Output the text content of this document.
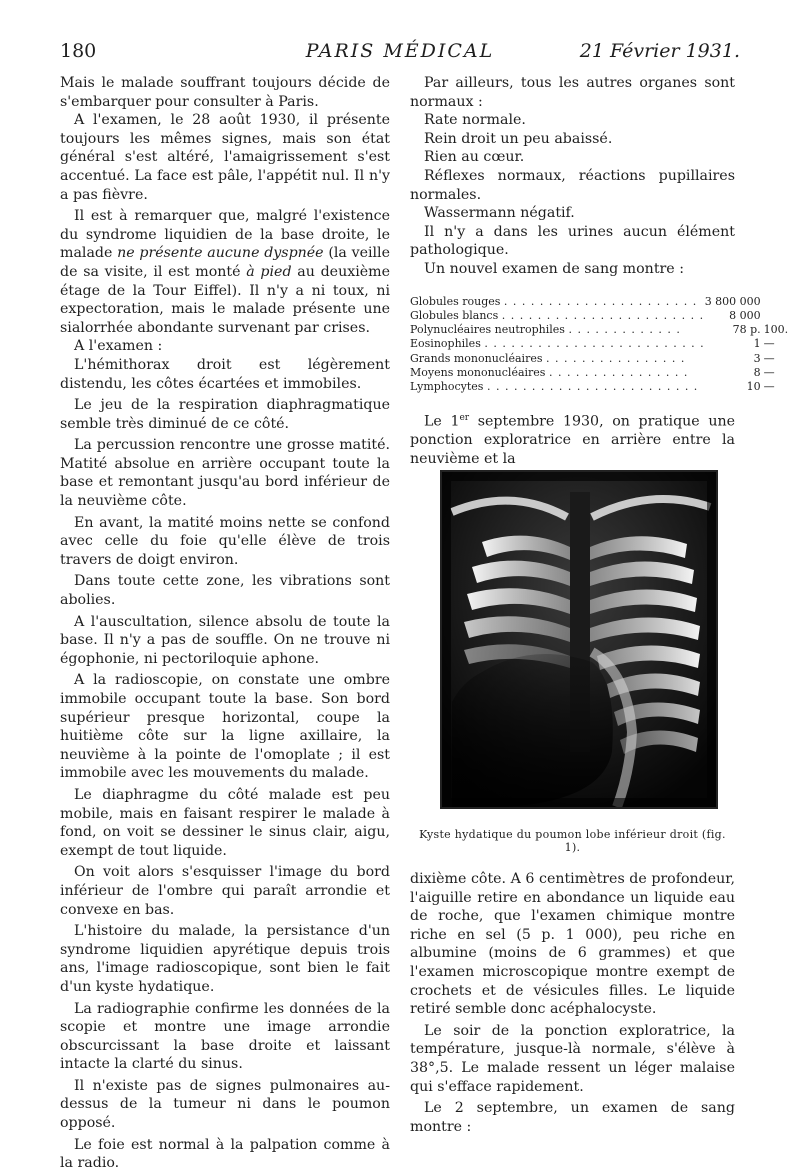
180	PARIS MÉDICAL	21 Février 1931.

Mais le malade souffrant toujours décide de s'embarquer pour consulter à Paris.

A l'examen, le 28 août 1930, il présente toujours les mêmes signes, mais son état général s'est altéré, l'amaigrissement s'est accentué. La face est pâle, l'appétit nul. Il n'y a pas fièvre.

Il est à remarquer que, malgré l'existence du syndrome liquidien de la base droite, le malade ne présente aucune dyspnée (la veille de sa visite, il est monté à pied au deuxième étage de la Tour Eiffel). Il n'y a ni toux, ni expectoration, mais le malade présente une sialorrhée abondante survenant par crises.

A l'examen :

L'hémithorax droit est légèrement distendu, les côtes écartées et immobiles.

Le jeu de la respiration diaphragmatique semble très diminué de ce côté.

La percussion rencontre une grosse matité. Matité absolue en arrière occupant toute la base et remontant jusqu'au bord inférieur de la neuvième côte.

En avant, la matité moins nette se confond avec celle du foie qu'elle élève de trois travers de doigt environ.

Dans toute cette zone, les vibrations sont abolies.

A l'auscultation, silence absolu de toute la base. Il n'y a pas de souffle. On ne trouve ni égophonie, ni pectoriloquie aphone.

A la radioscopie, on constate une ombre immobile occupant toute la base. Son bord supérieur presque horizontal, coupe la huitième côte sur la ligne axillaire, la neuvième à la pointe de l'omoplate ; il est immobile avec les mouvements du malade.

Le diaphragme du côté malade est peu mobile, mais en faisant respirer le malade à fond, on voit se dessiner le sinus clair, aigu, exempt de tout liquide.

On voit alors s'esquisser l'image du bord inférieur de l'ombre qui paraît arrondie et convexe en bas.

L'histoire du malade, la persistance d'un syndrome liquidien apyrétique depuis trois ans, l'image radioscopique, sont bien le fait d'un kyste hydatique.

La radiographie confirme les données de la scopie et montre une image arrondie obscurcissant la base droite et laissant intacte la clarté du sinus.

Il n'existe pas de signes pulmonaires au-dessus de la tumeur ni dans le poumon opposé.

Le foie est normal à la palpation comme à la radio.

Par ailleurs, tous les autres organes sont normaux :

Rate normale.

Rein droit un peu abaissé.

Rien au cœur.

Réflexes normaux, réactions pupillaires normales.

Wassermann négatif.

Il n'y a dans les urines aucun élément pathologique.

Un nouvel examen de sang montre :

Globules rouges . . . . . . . . . . . . . . . . . . . . . .	3 800 000	
Globules blancs . . . . . . . . . . . . . . . . . . . . . . .	8 000	
Polynucléaires neutrophiles . . . . . . . . . . . . .	78 p.	100.
Eosinophiles . . . . . . . . . . . . . . . . . . . . . . . . .	1	—
Grands mononucléaires . . . . . . . . . . . . . . . .	3	—
Moyens mononucléaires . . . . . . . . . . . . . . . .	8	—
Lymphocytes . . . . . . . . . . . . . . . . . . . . . . . .	10	—

Le 1er septembre 1930, on pratique une ponction exploratrice en arrière entre la neuvième et la

Kyste hydatique du poumon lobe inférieur droit (fig. 1).

dixième côte. A 6 centimètres de profondeur, l'aiguille retire en abondance un liquide eau de roche, que l'examen chimique montre riche en sel (5 p. 1 000), peu riche en albumine (moins de 6 grammes) et que l'examen microscopique montre exempt de crochets et de vésicules filles. Le liquide retiré semble donc acéphalocyste.

Le soir de la ponction exploratrice, la température, jusque-là normale, s'élève à 38°,5. Le malade ressent un léger malaise qui s'efface rapidement.

Le 2 septembre, un examen de sang montre :
